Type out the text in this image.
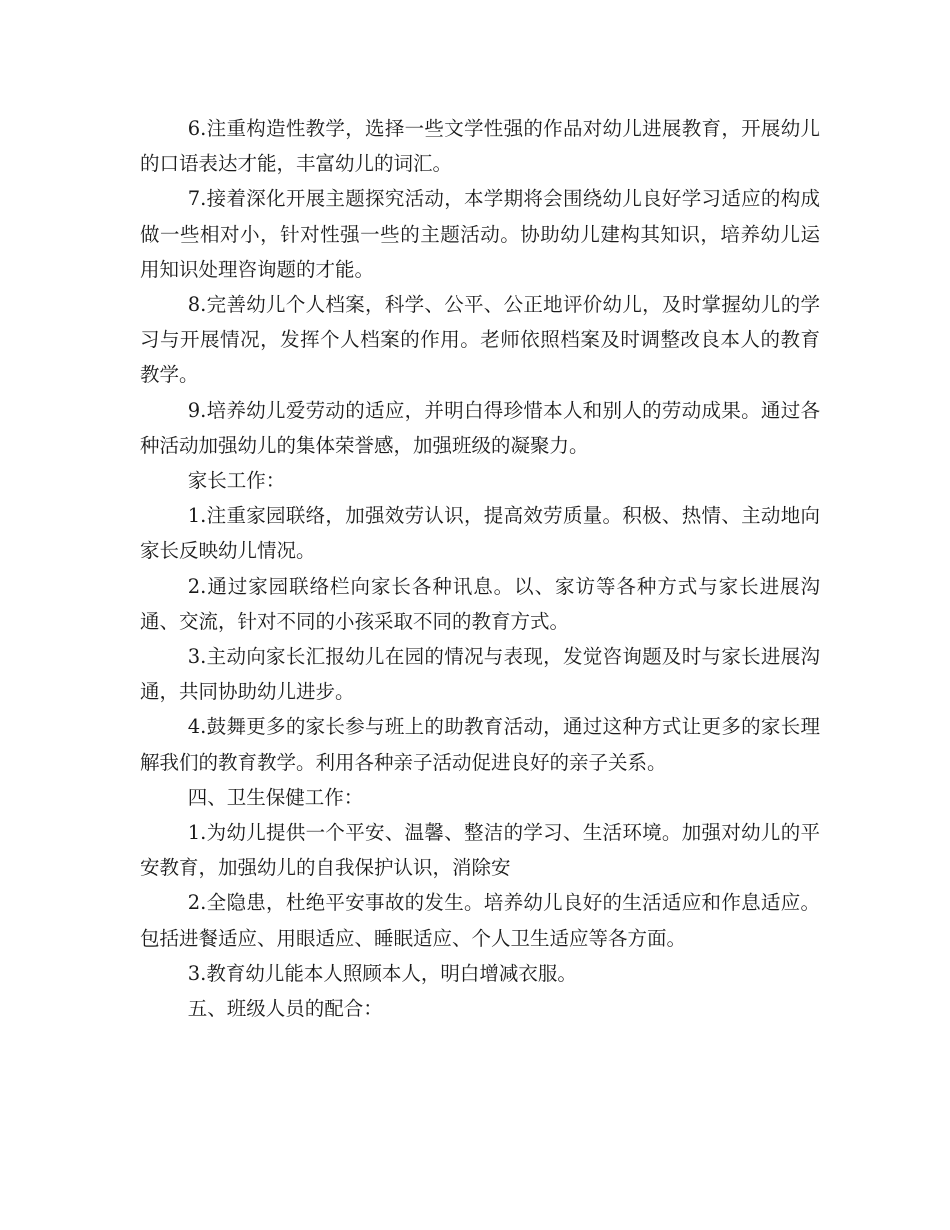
6.注重构造性教学，选择一些文学性强的作品对幼儿进展教育，开展幼儿的口语表达才能，丰富幼儿的词汇。

7.接着深化开展主题探究活动，本学期将会围绕幼儿良好学习适应的构成做一些相对小，针对性强一些的主题活动。协助幼儿建构其知识，培养幼儿运用知识处理咨询题的才能。

8.完善幼儿个人档案，科学、公平、公正地评价幼儿，及时掌握幼儿的学习与开展情况，发挥个人档案的作用。老师依照档案及时调整改良本人的教育教学。

9.培养幼儿爱劳动的适应，并明白得珍惜本人和别人的劳动成果。通过各种活动加强幼儿的集体荣誉感，加强班级的凝聚力。

家长工作：

1.注重家园联络，加强效劳认识，提高效劳质量。积极、热情、主动地向家长反映幼儿情况。

2.通过家园联络栏向家长各种讯息。以、家访等各种方式与家长进展沟通、交流，针对不同的小孩采取不同的教育方式。

3.主动向家长汇报幼儿在园的情况与表现，发觉咨询题及时与家长进展沟通，共同协助幼儿进步。

4.鼓舞更多的家长参与班上的助教育活动，通过这种方式让更多的家长理解我们的教育教学。利用各种亲子活动促进良好的亲子关系。

四、卫生保健工作：

1.为幼儿提供一个平安、温馨、整洁的学习、生活环境。加强对幼儿的平安教育，加强幼儿的自我保护认识，消除安

2.全隐患，杜绝平安事故的发生。培养幼儿良好的生活适应和作息适应。包括进餐适应、用眼适应、睡眠适应、个人卫生适应等各方面。

3.教育幼儿能本人照顾本人，明白增减衣服。

五、班级人员的配合：
